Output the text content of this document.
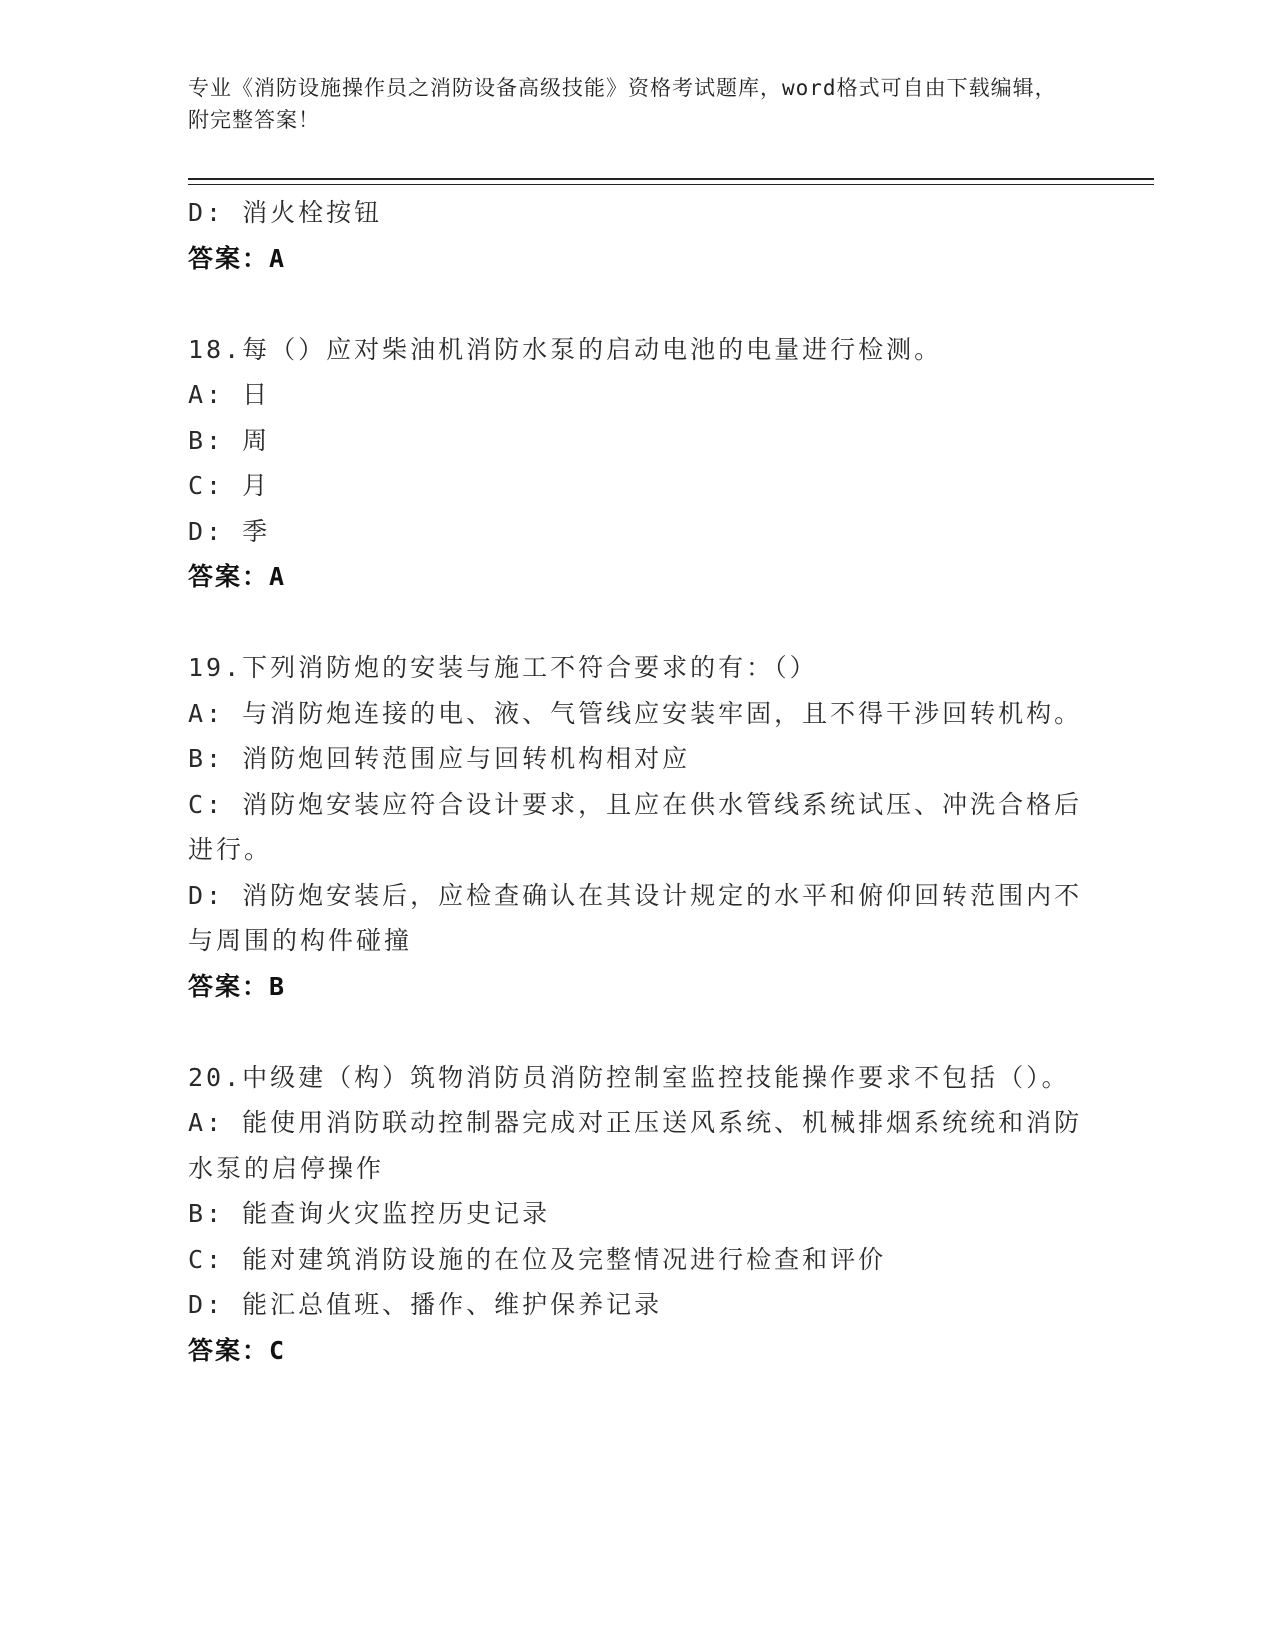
专业《消防设施操作员之消防设备高级技能》资格考试题库，word格式可自由下载编辑，附完整答案！
D: 消火栓按钮
答案：A
18.每（）应对柴油机消防水泵的启动电池的电量进行检测。
A: 日
B: 周
C: 月
D: 季
答案：A
19.下列消防炮的安装与施工不符合要求的有：（）
A: 与消防炮连接的电、液、气管线应安装牢固，且不得干涉回转机构。
B: 消防炮回转范围应与回转机构相对应
C: 消防炮安装应符合设计要求，且应在供水管线系统试压、冲洗合格后进行。
D: 消防炮安装后，应检查确认在其设计规定的水平和俯仰回转范围内不与周围的构件碰撞
答案：B
20.中级建（构）筑物消防员消防控制室监控技能操作要求不包括（）。
A: 能使用消防联动控制器完成对正压送风系统、机械排烟系统统和消防水泵的启停操作
B: 能查询火灾监控历史记录
C: 能对建筑消防设施的在位及完整情况进行检查和评价
D: 能汇总值班、播作、维护保养记录
答案：C
